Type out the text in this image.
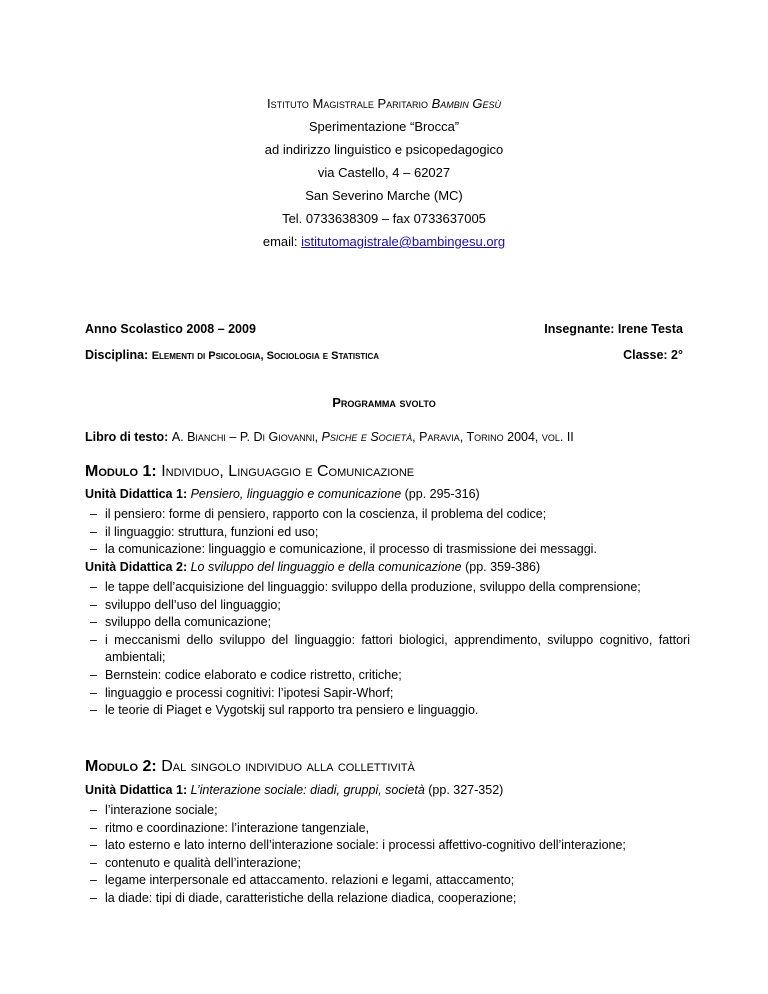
Istituto Magistrale Paritario Bambin Gesù
Sperimentazione “Brocca”
ad indirizzo linguistico e psicopedagogico
via Castello, 4 – 62027
San Severino Marche (MC)
Tel. 0733638309 – fax 0733637005
email: istitutomagistrale@bambingesu.org
Anno Scolastico 2008 – 2009	Insegnante: Irene Testa
Disciplina: Elementi di Psicologia, Sociologia e Statistica	Classe: 2°
Programma svolto
Libro di testo: A. Bianchi – P. Di Giovanni, Psiche e Società, Paravia, Torino 2004, vol. II
Modulo 1: Individuo, Linguaggio e Comunicazione
Unità Didattica 1: Pensiero, linguaggio e comunicazione (pp. 295-316)
– il pensiero: forme di pensiero, rapporto con la coscienza, il problema del codice;
– il linguaggio: struttura, funzioni ed uso;
– la comunicazione: linguaggio e comunicazione, il processo di trasmissione dei messaggi.
Unità Didattica 2: Lo sviluppo del linguaggio e della comunicazione (pp. 359-386)
– le tappe dell’acquisizione del linguaggio: sviluppo della produzione, sviluppo della comprensione;
– sviluppo dell’uso del linguaggio;
– sviluppo della comunicazione;
– i meccanismi dello sviluppo del linguaggio: fattori biologici, apprendimento, sviluppo cognitivo, fattori ambientali;
– Bernstein: codice elaborato e codice ristretto, critiche;
– linguaggio e processi cognitivi: l’ipotesi Sapir-Whorf;
– le teorie di Piaget e Vygotskij sul rapporto tra pensiero e linguaggio.
Modulo 2: Dal singolo individuo alla collettività
Unità Didattica 1: L’interazione sociale: diadi, gruppi, società (pp. 327-352)
– l’interazione sociale;
– ritmo e coordinazione: l’interazione tangenziale,
– lato esterno e lato interno dell’interazione sociale: i processi affettivo-cognitivo dell’interazione;
– contenuto e qualità dell’interazione;
– legame interpersonale ed attaccamento. relazioni e legami, attaccamento;
– la diade: tipi di diade, caratteristiche della relazione diadica, cooperazione;
